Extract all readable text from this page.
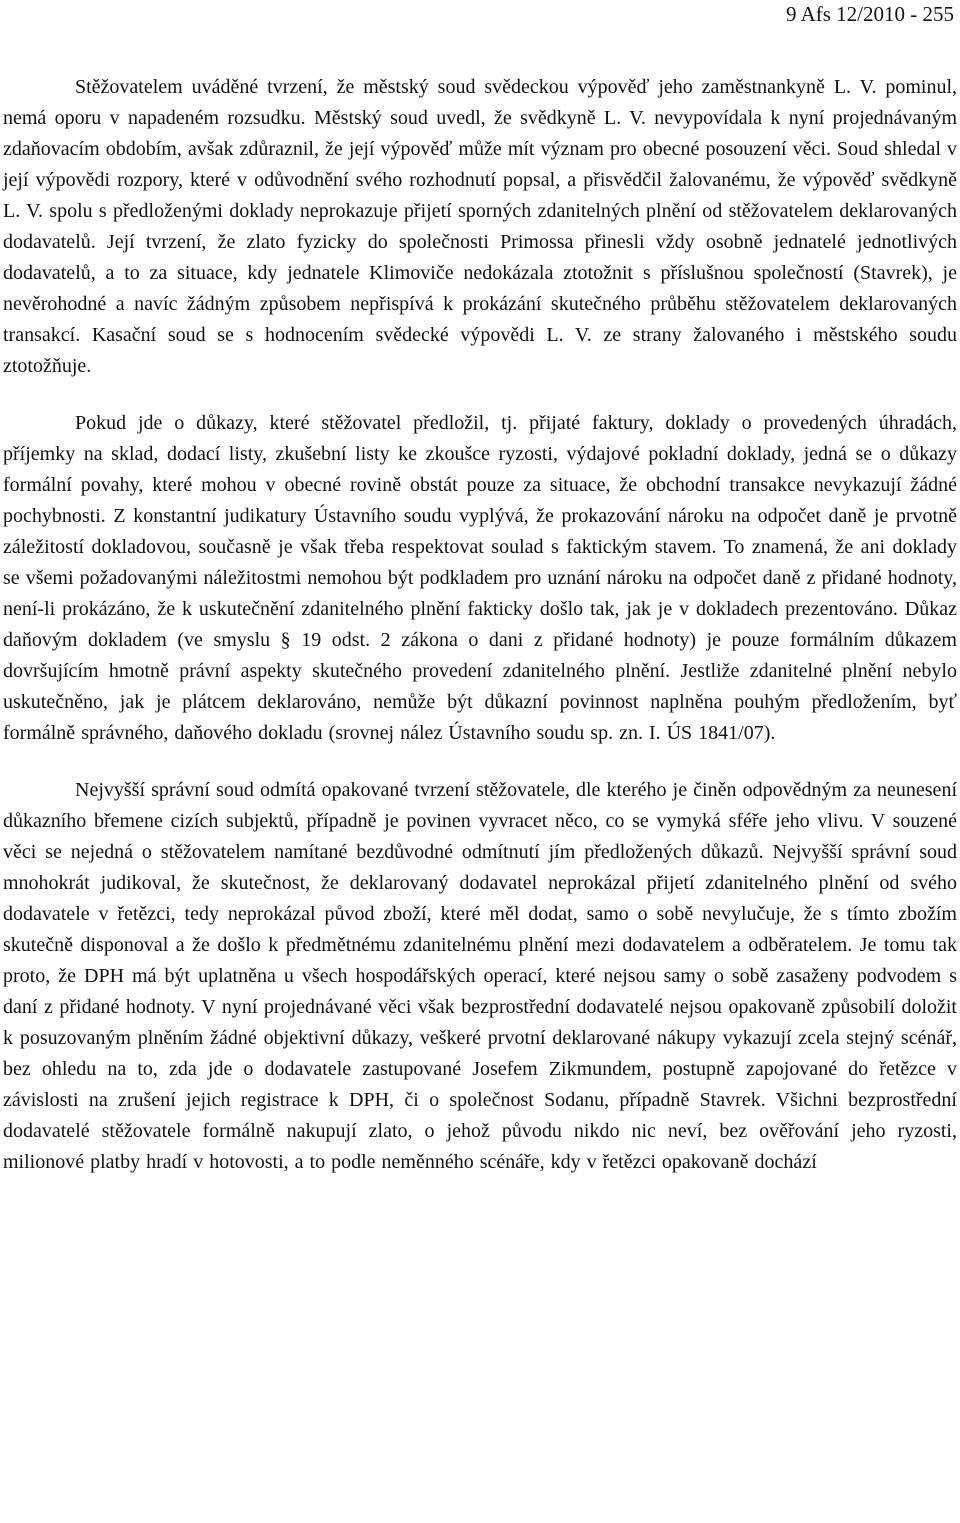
9 Afs 12/2010 - 255

Stěžovatelem uváděné tvrzení, že městský soud svědeckou výpověď jeho zaměstnankyně L. V. pominul, nemá oporu v napadeném rozsudku. Městský soud uvedl, že svědkyně L. V. nevypovídala k nyní projednávaným zdaňovacím obdobím, avšak zdůraznil, že její výpověď může mít význam pro obecné posouzení věci. Soud shledal v její výpovědi rozpory, které v odůvodnění svého rozhodnutí popsal, a přisvědčil žalovanému, že výpověď svědkyně L. V. spolu s předloženými doklady neprokazuje přijetí sporných zdanitelných plnění od stěžovatelem deklarovaných dodavatelů. Její tvrzení, že zlato fyzicky do společnosti Primossa přinesli vždy osobně jednatelé jednotlivých dodavatelů, a to za situace, kdy jednatele Klimoviče nedokázala ztotožnit s příslušnou společností (Stavrek), je nevěrohodné a navíc žádným způsobem nepřispívá k prokázání skutečného průběhu stěžovatelem deklarovaných transakcí. Kasační soud se s hodnocením svědecké výpovědi L. V. ze strany žalovaného i městského soudu ztotožňuje.

Pokud jde o důkazy, které stěžovatel předložil, tj. přijaté faktury, doklady o provedených úhradách, příjemky na sklad, dodací listy, zkušební listy ke zkoušce ryzosti, výdajové pokladní doklady, jedná se o důkazy formální povahy, které mohou v obecné rovině obstát pouze za situace, že obchodní transakce nevykazují žádné pochybnosti. Z konstantní judikatury Ústavního soudu vyplývá, že prokazování nároku na odpočet daně je prvotně záležitostí dokladovou, současně je však třeba respektovat soulad s faktickým stavem. To znamená, že ani doklady se všemi požadovanými náležitostmi nemohou být podkladem pro uznání nároku na odpočet daně z přidané hodnoty, není-li prokázáno, že k uskutečnění zdanitelného plnění fakticky došlo tak, jak je v dokladech prezentováno. Důkaz daňovým dokladem (ve smyslu § 19 odst. 2 zákona o dani z přidané hodnoty) je pouze formálním důkazem dovršujícím hmotně právní aspekty skutečného provedení zdanitelného plnění. Jestliže zdanitelné plnění nebylo uskutečněno, jak je plátcem deklarováno, nemůže být důkazní povinnost naplněna pouhým předložením, byť formálně správného, daňového dokladu (srovnej nález Ústavního soudu sp. zn. I. ÚS 1841/07).

Nejvyšší správní soud odmítá opakované tvrzení stěžovatele, dle kterého je činěn odpovědným za neunesení důkazního břemene cizích subjektů, případně je povinen vyvracet něco, co se vymyká sféře jeho vlivu. V souzené věci se nejedná o stěžovatelem namítané bezdůvodné odmítnutí jím předložených důkazů. Nejvyšší správní soud mnohokrát judikoval, že skutečnost, že deklarovaný dodavatel neprokázal přijetí zdanitelného plnění od svého dodavatele v řetězci, tedy neprokázal původ zboží, které měl dodat, samo o sobě nevylučuje, že s tímto zbožím skutečně disponoval a že došlo k předmětnému zdanitelnému plnění mezi dodavatelem a odběratelem. Je tomu tak proto, že DPH má být uplatněna u všech hospodářských operací, které nejsou samy o sobě zasaženy podvodem s daní z přidané hodnoty. V nyní projednávané věci však bezprostřední dodavatelé nejsou opakovaně způsobilí doložit k posuzovaným plněním žádné objektivní důkazy, veškeré prvotní deklarované nákupy vykazují zcela stejný scénář, bez ohledu na to, zda jde o dodavatele zastupované Josefem Zikmundem, postupně zapojované do řetězce v závislosti na zrušení jejich registrace k DPH, či o společnost Sodanu, případně Stavrek. Všichni bezprostřední dodavatelé stěžovatele formálně nakupují zlato, o jehož původu nikdo nic neví, bez ověřování jeho ryzosti, milionové platby hradí v hotovosti, a to podle neměnného scénáře, kdy v řetězci opakovaně dochází
